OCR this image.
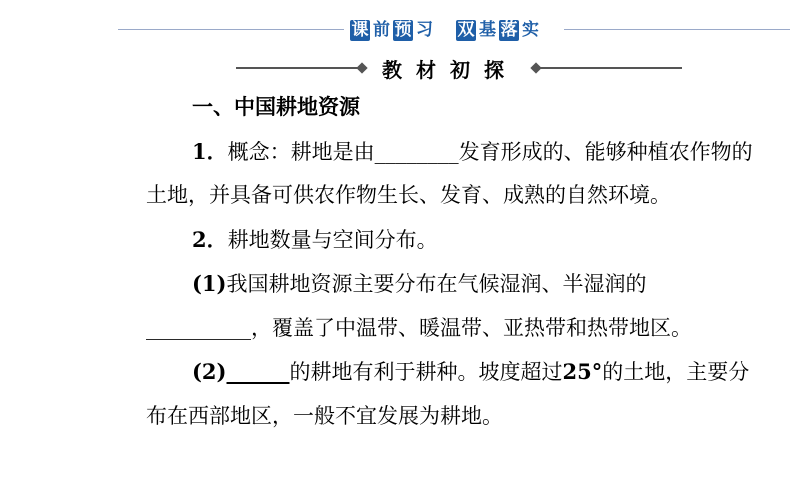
课 前 预 习 双 基 落 实
教材初探
一、中国耕地资源

1．概念：耕地是由________发育形成的、能够种植农作物的土地，并具备可供农作物生长、发育、成熟的自然环境。

2．耕地数量与空间分布。

(1)我国耕地资源主要分布在气候湿润、半湿润的__________，覆盖了中温带、暖温带、亚热带和热带地区。

(2)______的耕地有利于耕种。坡度超过25°的土地，主要分布在西部地区，一般不宜发展为耕地。
